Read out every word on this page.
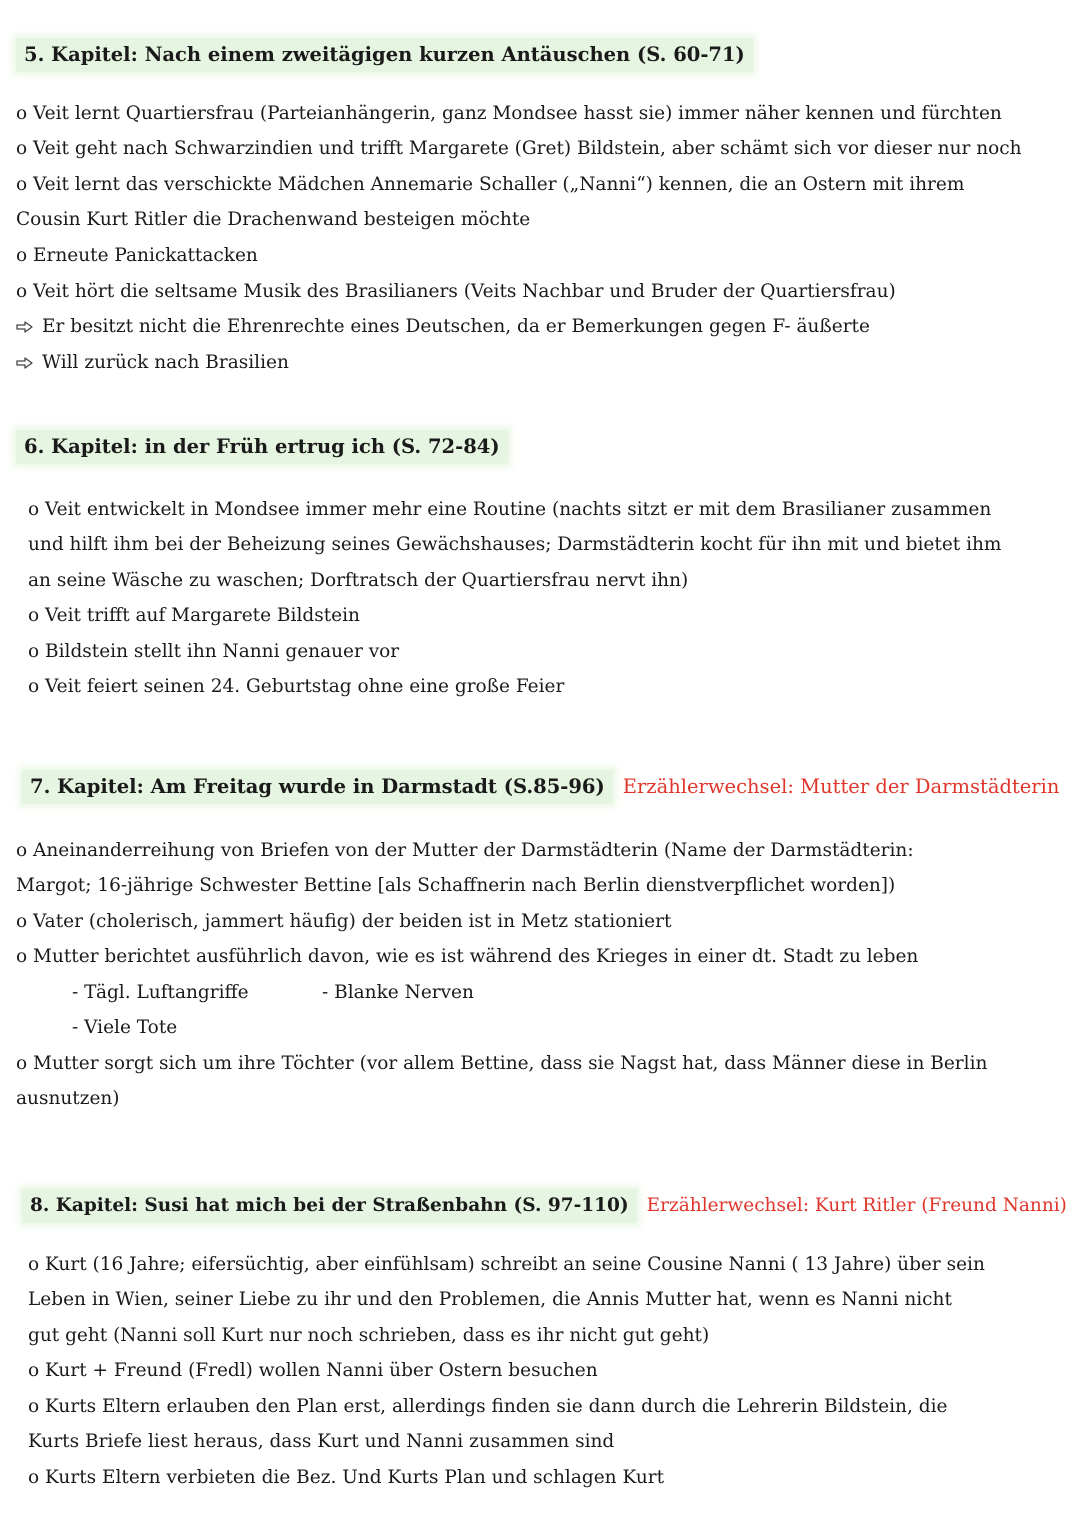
5. Kapitel: Nach einem zweitägigen kurzen Antäuschen (S. 60-71)
o Veit lernt Quartiersfrau (Parteianhängerin, ganz Mondsee hasst sie) immer näher kennen und fürchten
o Veit geht nach Schwarzindien und trifft Margarete (Gret) Bildstein, aber schämt sich vor dieser nur noch
o Veit lernt das verschickte Mädchen Annemarie Schaller („Nanni“) kennen, die an Ostern mit ihrem
Cousin Kurt Ritler die Drachenwand besteigen möchte
o Erneute Panickattacken
o Veit hört die seltsame Musik des Brasilianers (Veits Nachbar und Bruder der Quartiersfrau)
Er besitzt nicht die Ehrenrechte eines Deutschen, da er Bemerkungen gegen F- äußerte
Will zurück nach Brasilien
6. Kapitel: in der Früh ertrug ich (S. 72-84)
o Veit entwickelt in Mondsee immer mehr eine Routine (nachts sitzt er mit dem Brasilianer zusammen
und hilft ihm bei der Beheizung seines Gewächshauses; Darmstädterin kocht für ihn mit und bietet ihm
an seine Wäsche zu waschen; Dorftratsch der Quartiersfrau nervt ihn)
o Veit trifft auf Margarete Bildstein
o Bildstein stellt ihn Nanni genauer vor
o Veit feiert seinen 24. Geburtstag ohne eine große Feier
7. Kapitel: Am Freitag wurde in Darmstadt (S.85-96) Erzählerwechsel: Mutter der Darmstädterin
o Aneinanderreihung von Briefen von der Mutter der Darmstädterin (Name der Darmstädterin:
Margot; 16-jährige Schwester Bettine [als Schaffnerin nach Berlin dienstverpflichet worden])
o Vater (cholerisch, jammert häufig) der beiden ist in Metz stationiert
o Mutter berichtet ausführlich davon, wie es ist während des Krieges in einer dt. Stadt zu leben
- Tägl. Luftangriffe	- Blanke Nerven
- Viele Tote
o Mutter sorgt sich um ihre Töchter (vor allem Bettine, dass sie Nagst hat, dass Männer diese in Berlin
ausnutzen)
8. Kapitel: Susi hat mich bei der Straßenbahn (S. 97-110) Erzählerwechsel: Kurt Ritler (Freund Nanni)
o Kurt (16 Jahre; eifersüchtig, aber einfühlsam) schreibt an seine Cousine Nanni ( 13 Jahre) über sein
Leben in Wien, seiner Liebe zu ihr und den Problemen, die Annis Mutter hat, wenn es Nanni nicht
gut geht (Nanni soll Kurt nur noch schrieben, dass es ihr nicht gut geht)
o Kurt + Freund (Fredl) wollen Nanni über Ostern besuchen
o Kurts Eltern erlauben den Plan erst, allerdings finden sie dann durch die Lehrerin Bildstein, die
Kurts Briefe liest heraus, dass Kurt und Nanni zusammen sind
o Kurts Eltern verbieten die Bez. Und Kurts Plan und schlagen Kurt
